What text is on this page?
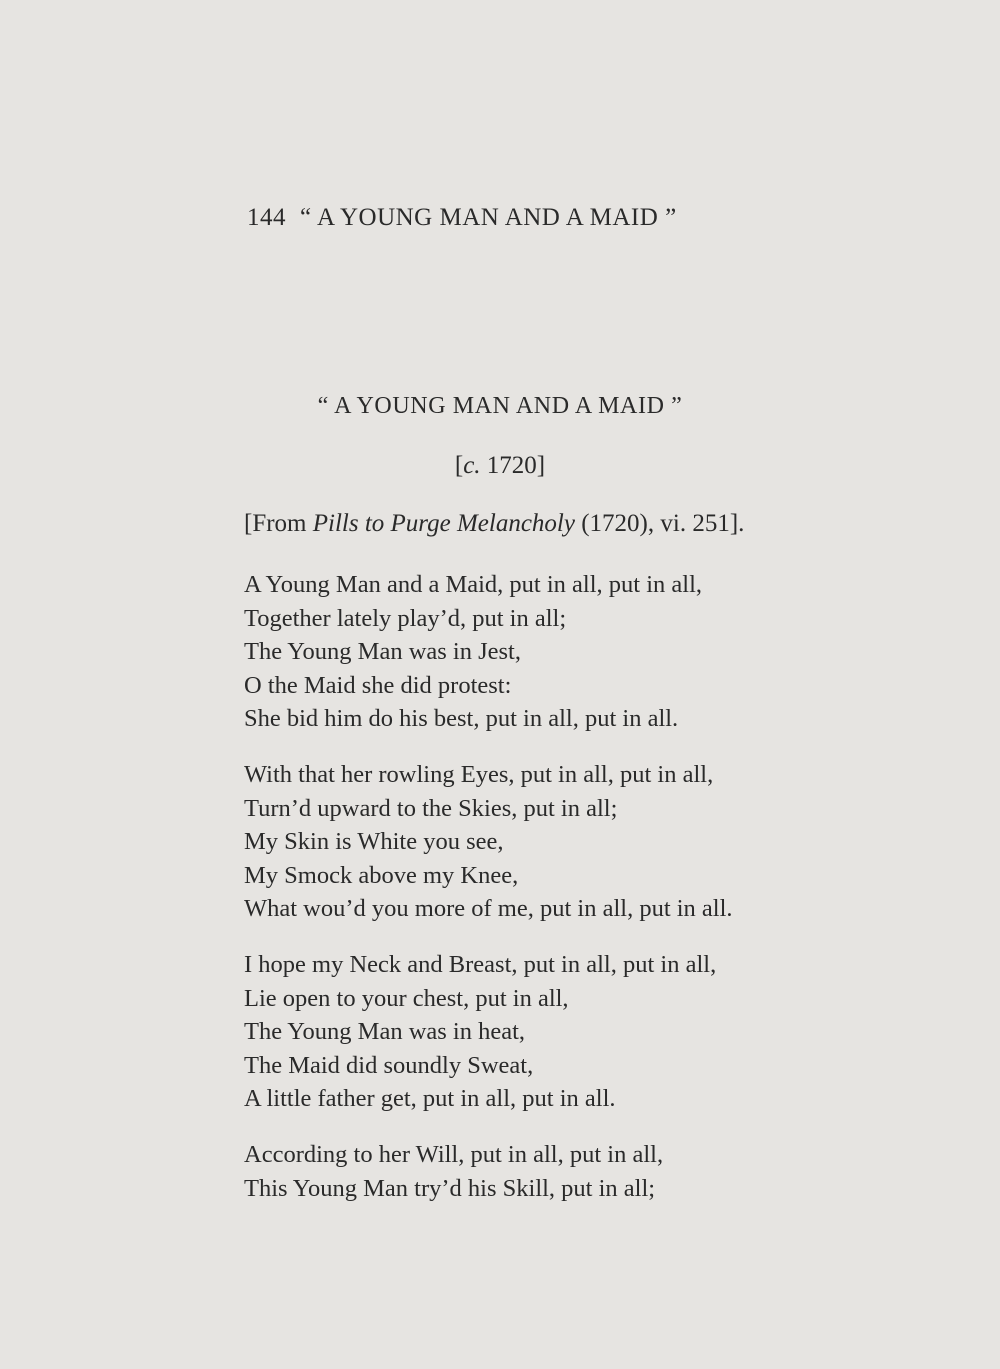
144 “ A YOUNG MAN AND A MAID ”
“ A YOUNG MAN AND A MAID ”
[c. 1720]
[From Pills to Purge Melancholy (1720), vi. 251].
A Young Man and a Maid, put in all, put in all,
Together lately play’d, put in all;
The Young Man was in Jest,
O the Maid she did protest:
She bid him do his best, put in all, put in all.
With that her rowling Eyes, put in all, put in all,
Turn’d upward to the Skies, put in all;
My Skin is White you see,
My Smock above my Knee,
What wou’d you more of me, put in all, put in all.
I hope my Neck and Breast, put in all, put in all,
Lie open to your chest, put in all,
The Young Man was in heat,
The Maid did soundly Sweat,
A little father get, put in all, put in all.
According to her Will, put in all, put in all,
This Young Man try’d his Skill, put in all;
